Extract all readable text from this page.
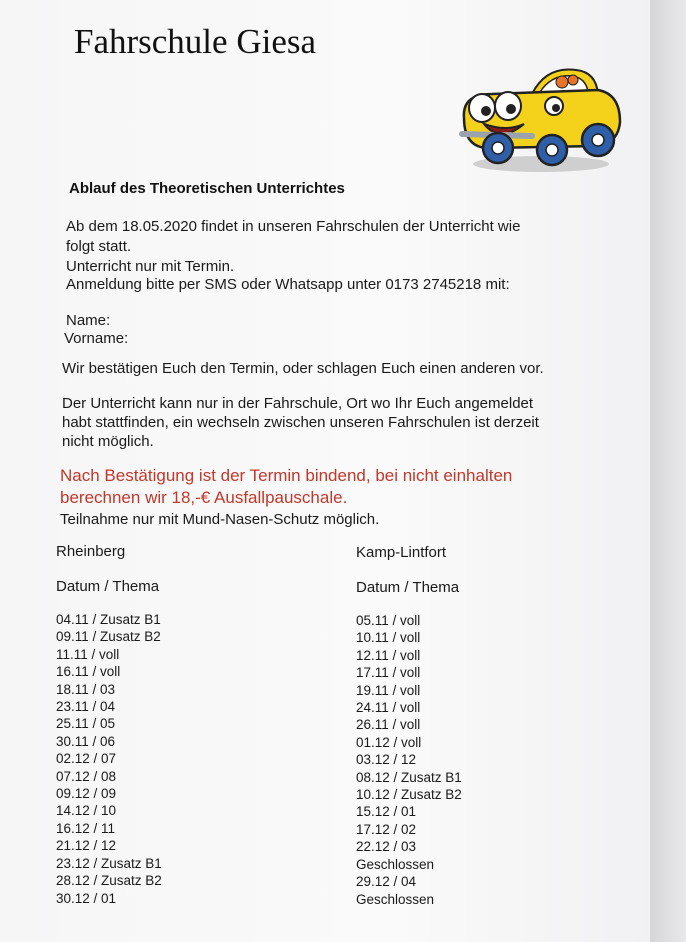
Fahrschule Giesa
Ablauf des Theoretischen Unterrichtes
Ab dem 18.05.2020 findet in unseren Fahrschulen der Unterricht wie
folgt statt.
Unterricht nur mit Termin.
Anmeldung bitte per SMS oder Whatsapp unter 0173 2745218 mit:
Name:
Vorname:
Wir bestätigen Euch den Termin, oder schlagen Euch einen anderen vor.
Der Unterricht kann nur in der Fahrschule, Ort wo Ihr Euch angemeldet
habt stattfinden, ein wechseln zwischen unseren Fahrschulen ist derzeit
nicht möglich.
Nach Bestätigung ist der Termin bindend, bei nicht einhalten
berechnen wir 18,-€ Ausfallpauschale.
Teilnahme nur mit Mund-Nasen-Schutz möglich.
Rheinberg
Datum / Thema
04.11 / Zusatz B1
09.11 / Zusatz B2
11.11 / voll
16.11 / voll
18.11 / 03
23.11 / 04
25.11 / 05
30.11 / 06
02.12 / 07
07.12 / 08
09.12 / 09
14.12 / 10
16.12 / 11
21.12 / 12
23.12 / Zusatz B1
28.12 / Zusatz B2
30.12 / 01
Kamp-Lintfort
Datum / Thema
05.11 / voll
10.11 / voll
12.11 / voll
17.11 / voll
19.11 / voll
24.11 / voll
26.11 / voll
01.12 / voll
03.12 / 12
08.12 / Zusatz B1
10.12 / Zusatz B2
15.12 / 01
17.12 / 02
22.12 / 03
Geschlossen
29.12 / 04
Geschlossen
